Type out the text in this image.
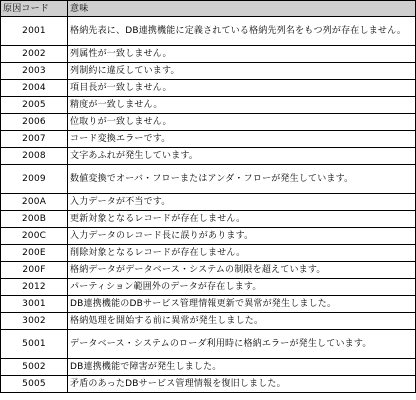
原因コード	意味
2001	格納先表に、DB連携機能に定義されている格納先列名をもつ列が存在しません。
2002	列属性が一致しません。
2003	列制約に違反しています。
2004	項目長が一致しません。
2005	精度が一致しません。
2006	位取りが一致しません。
2007	コード変換エラーです。
2008	文字あふれが発生しています。
2009	数値変換でオーバ・フローまたはアンダ・フローが発生しています。
200A	入力データが不当です。
200B	更新対象となるレコードが存在しません。
200C	入力データのレコード長に誤りがあります。
200E	削除対象となるレコードが存在しません。
200F	格納データがデータベース・システムの制限を超えています。
2012	パーティション範囲外のデータが存在します。
3001	DB連携機能のDBサービス管理情報更新で異常が発生しました。
3002	格納処理を開始する前に異常が発生しました。
5001	データベース・システムのローダ利用時に格納エラーが発生しています。
5002	DB連携機能で障害が発生しました。
5005	矛盾のあったDBサービス管理情報を復旧しました。
